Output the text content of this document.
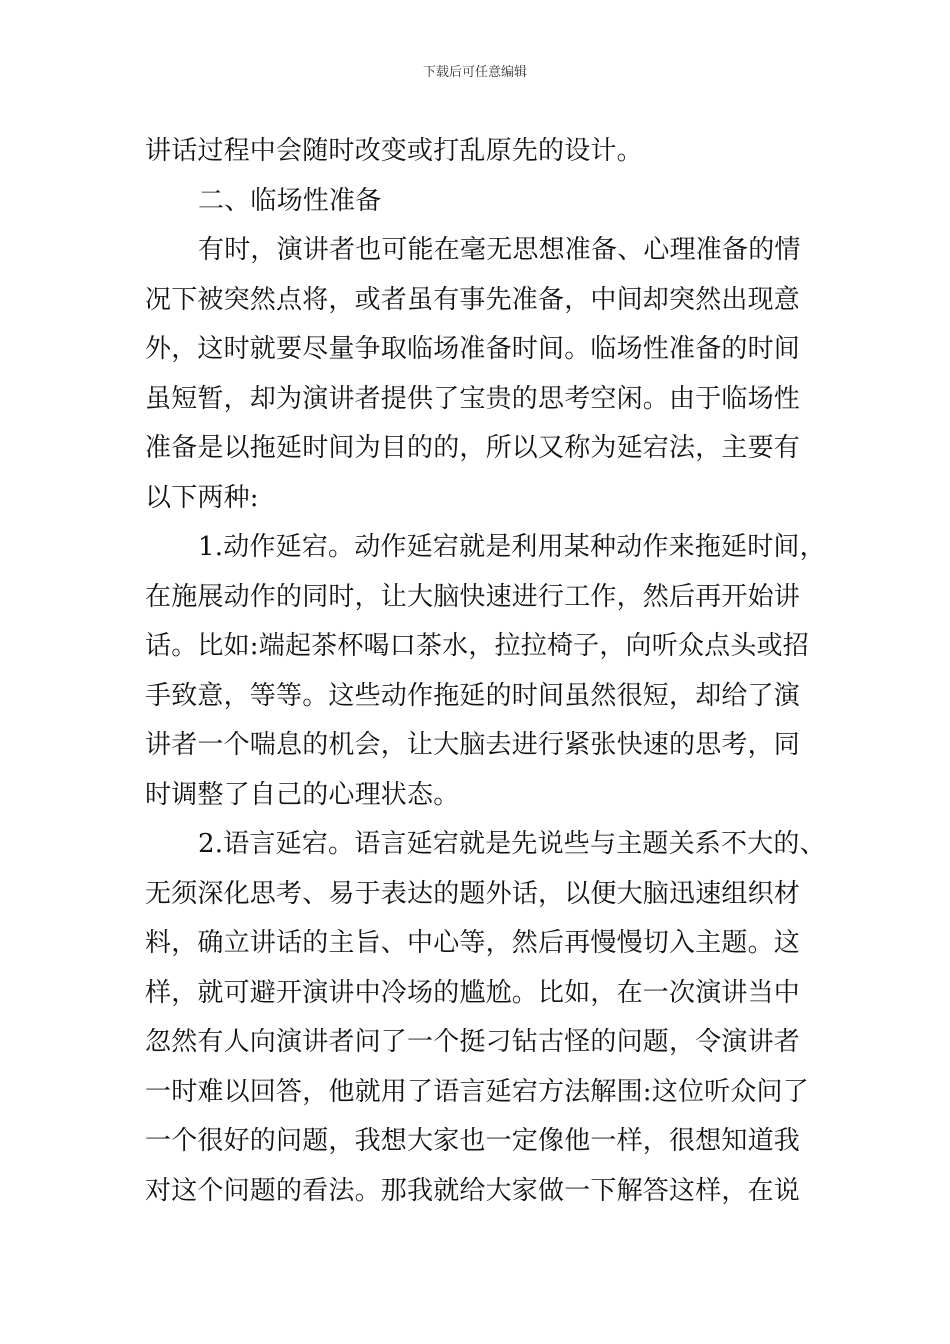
下载后可任意编辑
讲话过程中会随时改变或打乱原先的设计。
二、临场性准备
有时，演讲者也可能在毫无思想准备、心理准备的情
况下被突然点将，或者虽有事先准备，中间却突然出现意
外，这时就要尽量争取临场准备时间。临场性准备的时间
虽短暂，却为演讲者提供了宝贵的思考空闲。由于临场性
准备是以拖延时间为目的的，所以又称为延宕法，主要有
以下两种:
1.动作延宕。动作延宕就是利用某种动作来拖延时间，
在施展动作的同时，让大脑快速进行工作，然后再开始讲
话。比如:端起茶杯喝口茶水，拉拉椅子，向听众点头或招
手致意，等等。这些动作拖延的时间虽然很短，却给了演
讲者一个喘息的机会，让大脑去进行紧张快速的思考，同
时调整了自己的心理状态。
2.语言延宕。语言延宕就是先说些与主题关系不大的、
无须深化思考、易于表达的题外话，以便大脑迅速组织材
料，确立讲话的主旨、中心等，然后再慢慢切入主题。这
样，就可避开演讲中冷场的尴尬。比如，在一次演讲当中
忽然有人向演讲者问了一个挺刁钻古怪的问题，令演讲者
一时难以回答，他就用了语言延宕方法解围:这位听众问了
一个很好的问题，我想大家也一定像他一样，很想知道我
对这个问题的看法。那我就给大家做一下解答这样，在说
